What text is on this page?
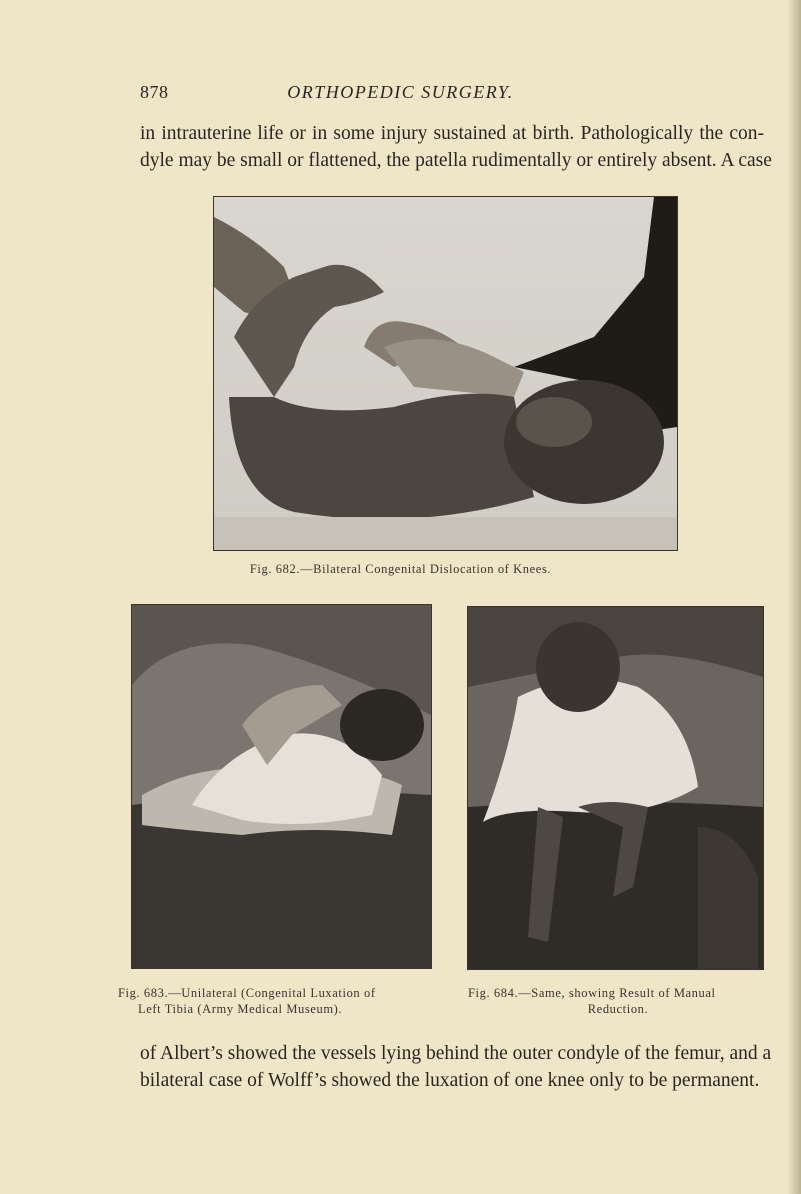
878	ORTHOPEDIC SURGERY.

in intrauterine life or in some injury sustained at birth. Pathologically the con-
dyle may be small or flattened, the patella rudimentally or entirely absent. A case

Fig. 682.—Bilateral Congenital Dislocation of Knees.
Fig. 683.—Unilateral (Congenital Luxation of
Left Tibia (Army Medical Museum).
Fig. 684.—Same, showing Result of Manual
Reduction.

of Albert’s showed the vessels lying behind the outer condyle of the femur, and a
bilateral case of Wolff’s showed the luxation of one knee only to be permanent.
